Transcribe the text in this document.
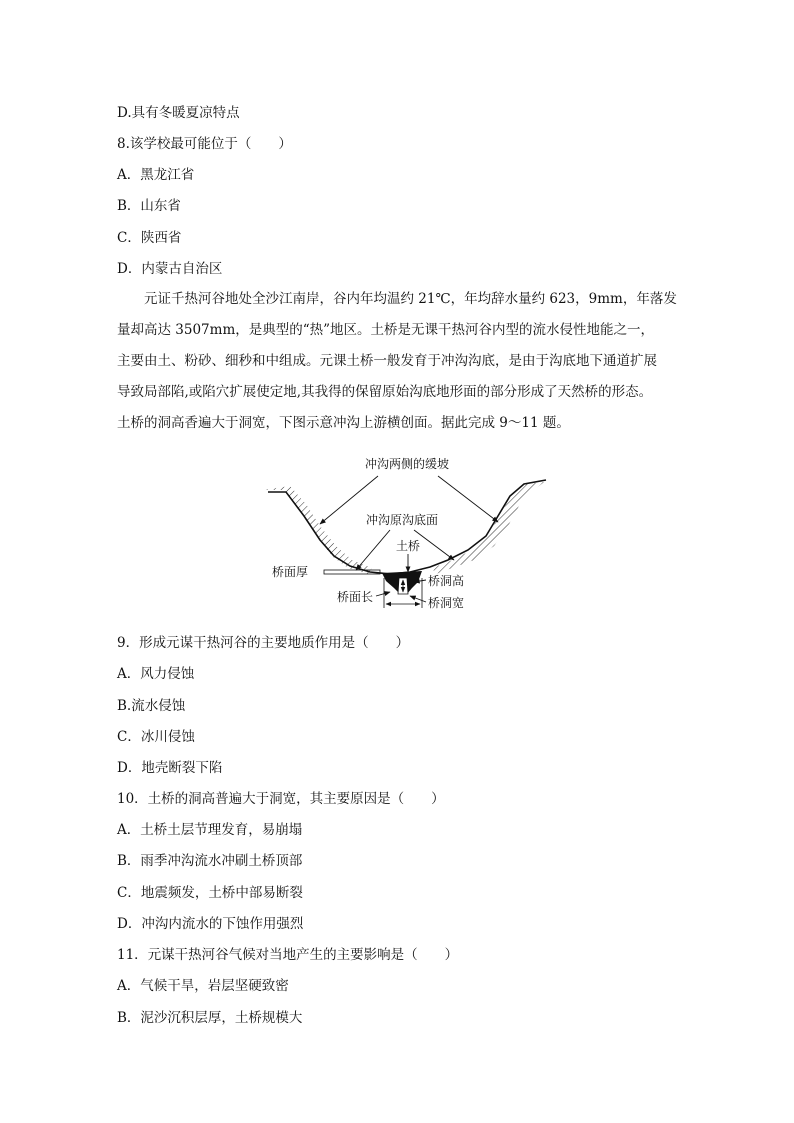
D.具有冬暖夏凉特点
8.该学校最可能位于（　　）
A．黑龙江省
B．山东省
C．陕西省
D．内蒙古自治区

元证千热河谷地处全沙江南岸，谷内年均温约 21℃，年均辞水量约 623，9mm，年落发

量却高达 3507mm，是典型的“热”地区。土桥是无课干热河谷内型的流水侵性地能之一，

主要由土、粉砂、细秒和中组成。元课土桥一般发育于冲沟沟底，是由于沟底地下通道扩展

导致局部陷,或陷穴扩展使定地,其我得的保留原始沟底地形面的部分形成了天然桥的形态。

土桥的洞高香遍大于洞宽，下图示意冲沟上游横创面。据此完成 9～11 题。

冲沟两侧的缓坡
冲沟原沟底面
土桥
桥面厚
桥洞高
桥面长	桥洞宽
9．形成元谋干热河谷的主要地质作用是（　　）
A．风力侵蚀
B.流水侵蚀
C．冰川侵蚀
D．地壳断裂下陷
10．土桥的洞高普遍大于洞宽，其主要原因是（　　）
A．土桥土层节理发育，易崩塌
B．雨季冲沟流水冲刷土桥顶部
C．地震频发，土桥中部易断裂
D．冲沟内流水的下蚀作用强烈
11．元谋干热河谷气候对当地产生的主要影响是（　　）
A．气候干旱，岩层坚硬致密
B．泥沙沉积层厚，土桥规模大
